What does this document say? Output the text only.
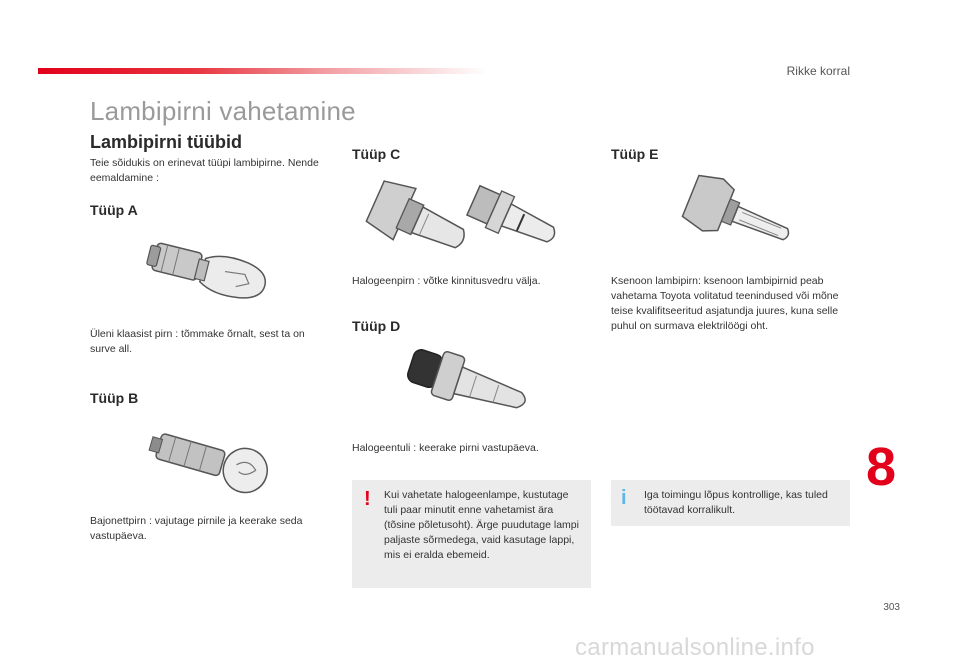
Rikke korral
Lambipirni vahetamine
Lambipirni tüübid
Teie sõidukis on erinevat tüüpi lambipirne. Nende eemaldamine :
Tüüp A
Üleni klaasist pirn : tõmmake õrnalt, sest ta on surve all.
Tüüp B
Bajonettpirn : vajutage pirnile ja keerake seda vastupäeva.
Tüüp C
Halogeenpirn : võtke kinnitusvedru välja.
Tüüp D
Halogeentuli : keerake pirni vastupäeva.
Tüüp E
Ksenoon lambipirn: ksenoon lambipirnid peab vahetama Toyota volitatud teenindused või mõne teise kvalifitseeritud asjatundja juures, kuna selle puhul on surmava elektrilöögi oht.
! Kui vahetate halogeenlampe, kustutage tuli paar minutit enne vahetamist ära (tõsine põletusoht). Ärge puudutage lampi paljaste sõrmedega, vaid kasutage lappi, mis ei eralda ebemeid.
i Iga toimingu lõpus kontrollige, kas tuled töötavad korralikult.
8
303
carmanualsonline.info
